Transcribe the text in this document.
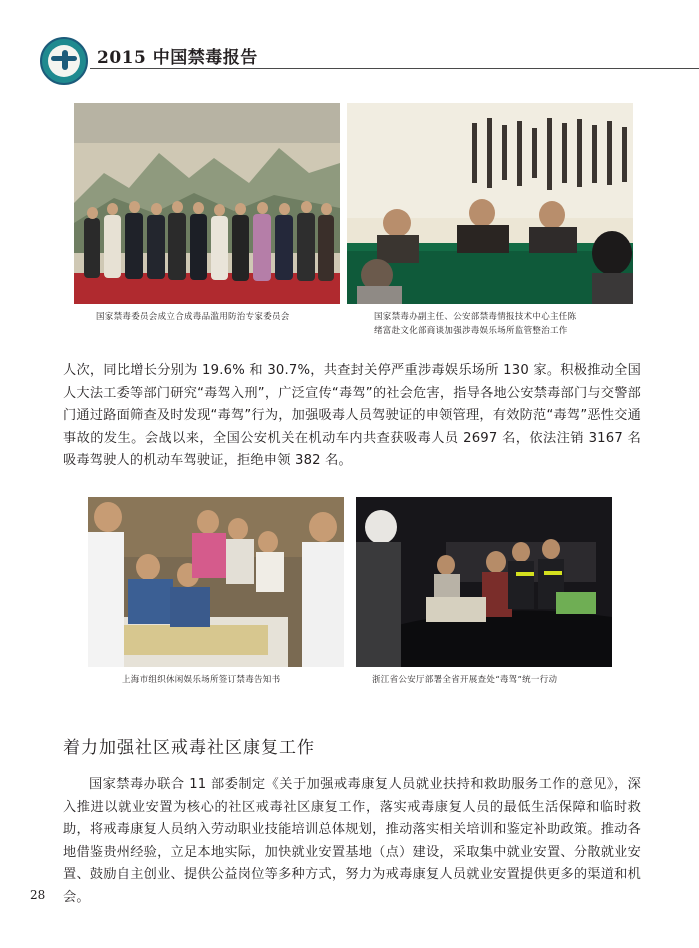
2015 中国禁毒报告
国家禁毒委员会成立合成毒品滥用防治专家委员会	国家禁毒办副主任、公安部禁毒情报技术中心主任陈
绪富赴文化部商谈加强涉毒娱乐场所监管整治工作

人次，同比增长分别为 19.6% 和 30.7%，共查封关停严重涉毒娱乐场所 130 家。积极推动全国人大法工委等部门研究“毒驾入刑”，广泛宣传“毒驾”的社会危害，指导各地公安禁毒部门与交警部门通过路面筛查及时发现“毒驾”行为，加强吸毒人员驾驶证的申领管理，有效防范“毒驾”恶性交通事故的发生。会战以来，全国公安机关在机动车内共查获吸毒人员 2697 名，依法注销 3167 名吸毒驾驶人的机动车驾驶证，拒绝申领 382 名。

上海市组织休闲娱乐场所签订禁毒告知书	浙江省公安厅部署全省开展查处“毒驾”统一行动
着力加强社区戒毒社区康复工作

国家禁毒办联合 11 部委制定《关于加强戒毒康复人员就业扶持和救助服务工作的意见》，深入推进以就业安置为核心的社区戒毒社区康复工作，落实戒毒康复人员的最低生活保障和临时救助，将戒毒康复人员纳入劳动职业技能培训总体规划，推动落实相关培训和鉴定补助政策。推动各地借鉴贵州经验，立足本地实际，加快就业安置基地（点）建设，采取集中就业安置、分散就业安置、鼓励自主创业、提供公益岗位等多种方式，努力为戒毒康复人员就业安置提供更多的渠道和机会。

28
